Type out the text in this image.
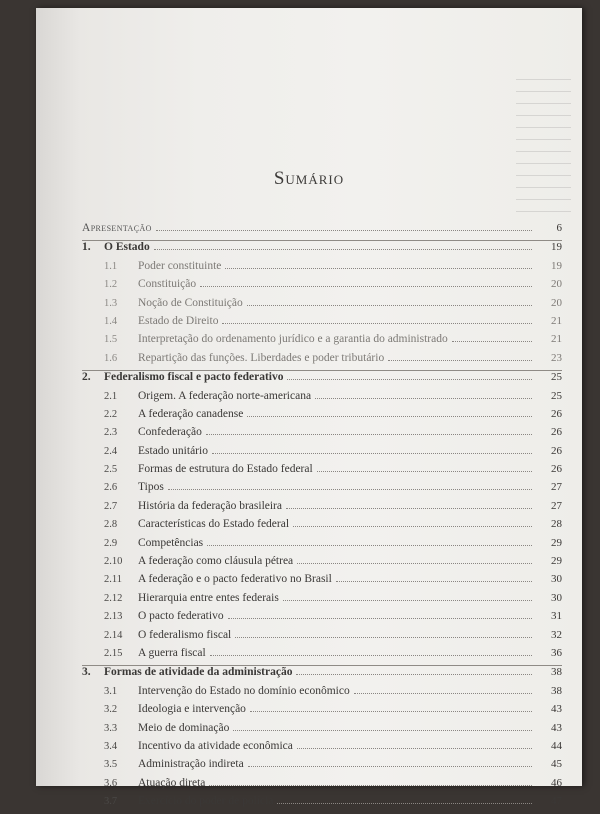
Sumário
Apresentação	6
1.	O Estado	19
1.1	Poder constituinte	19
1.2	Constituição	20
1.3	Noção de Constituição	20
1.4	Estado de Direito	21
1.5	Interpretação do ordenamento jurídico e a garantia do administrado	21
1.6	Repartição das funções. Liberdades e poder tributário	23
2.	Federalismo fiscal e pacto federativo	25
2.1	Origem. A federação norte-americana	25
2.2	A federação canadense	26
2.3	Confederação	26
2.4	Estado unitário	26
2.5	Formas de estrutura do Estado federal	26
2.6	Tipos	27
2.7	História da federação brasileira	27
2.8	Características do Estado federal	28
2.9	Competências	29
2.10	A federação como cláusula pétrea	29
2.11	A federação e o pacto federativo no Brasil	30
2.12	Hierarquia entre entes federais	30
2.13	O pacto federativo	31
2.14	O federalismo fiscal	32
2.15	A guerra fiscal	36
3.	Formas de atividade da administração	38
3.1	Intervenção do Estado no domínio econômico	38
3.2	Ideologia e intervenção	43
3.3	Meio de dominação	43
3.4	Incentivo da atividade econômica	44
3.5	Administração indireta	45
3.6	Atuação direta	46
3.7	Exercício do poder de polícia	47
